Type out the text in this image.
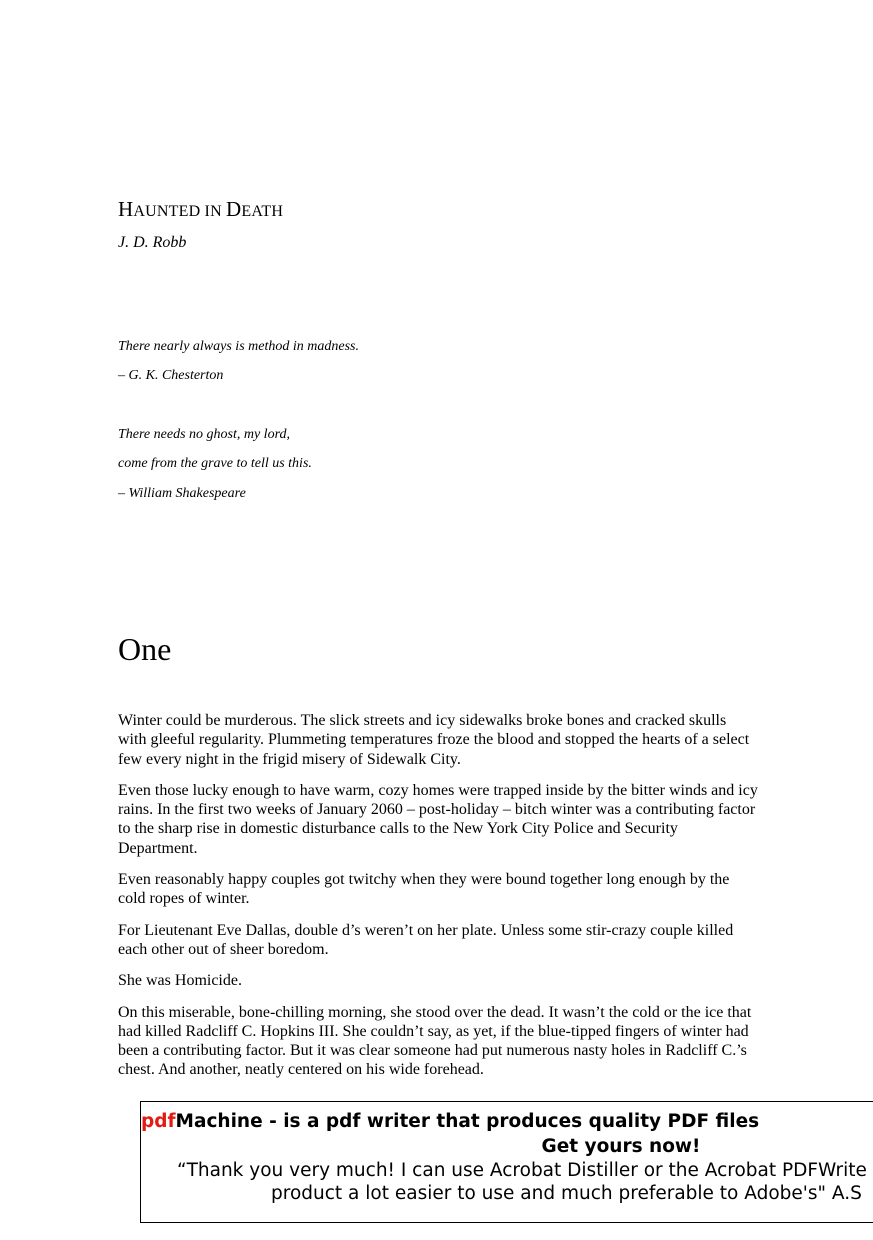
HAUNTED IN DEATH

J. D. Robb

There nearly always is method in madness.

– G. K. Chesterton

There needs no ghost, my lord,

come from the grave to tell us this.

– William Shakespeare

One

Winter could be murderous. The slick streets and icy sidewalks broke bones and cracked skulls with gleeful regularity. Plummeting temperatures froze the blood and stopped the hearts of a select few every night in the frigid misery of Sidewalk City.

Even those lucky enough to have warm, cozy homes were trapped inside by the bitter winds and icy rains. In the first two weeks of January 2060 – post-holiday – bitch winter was a contributing factor to the sharp rise in domestic disturbance calls to the New York City Police and Security Department.

Even reasonably happy couples got twitchy when they were bound together long enough by the cold ropes of winter.

For Lieutenant Eve Dallas, double d’s weren’t on her plate. Unless some stir-crazy couple killed each other out of sheer boredom.

She was Homicide.

On this miserable, bone-chilling morning, she stood over the dead. It wasn’t the cold or the ice that had killed Radcliff C. Hopkins III. She couldn’t say, as yet, if the blue-tipped fingers of winter had been a contributing factor. But it was clear someone had put numerous nasty holes in Radcliff C.’s chest. And another, neatly centered on his wide forehead.

pdfMachine - is a pdf writer that produces quality PDF files
Get yours now!
“Thank you very much! I can use Acrobat Distiller or the Acrobat PDFWrite
product a lot easier to use and much preferable to Adobe's" A.S
